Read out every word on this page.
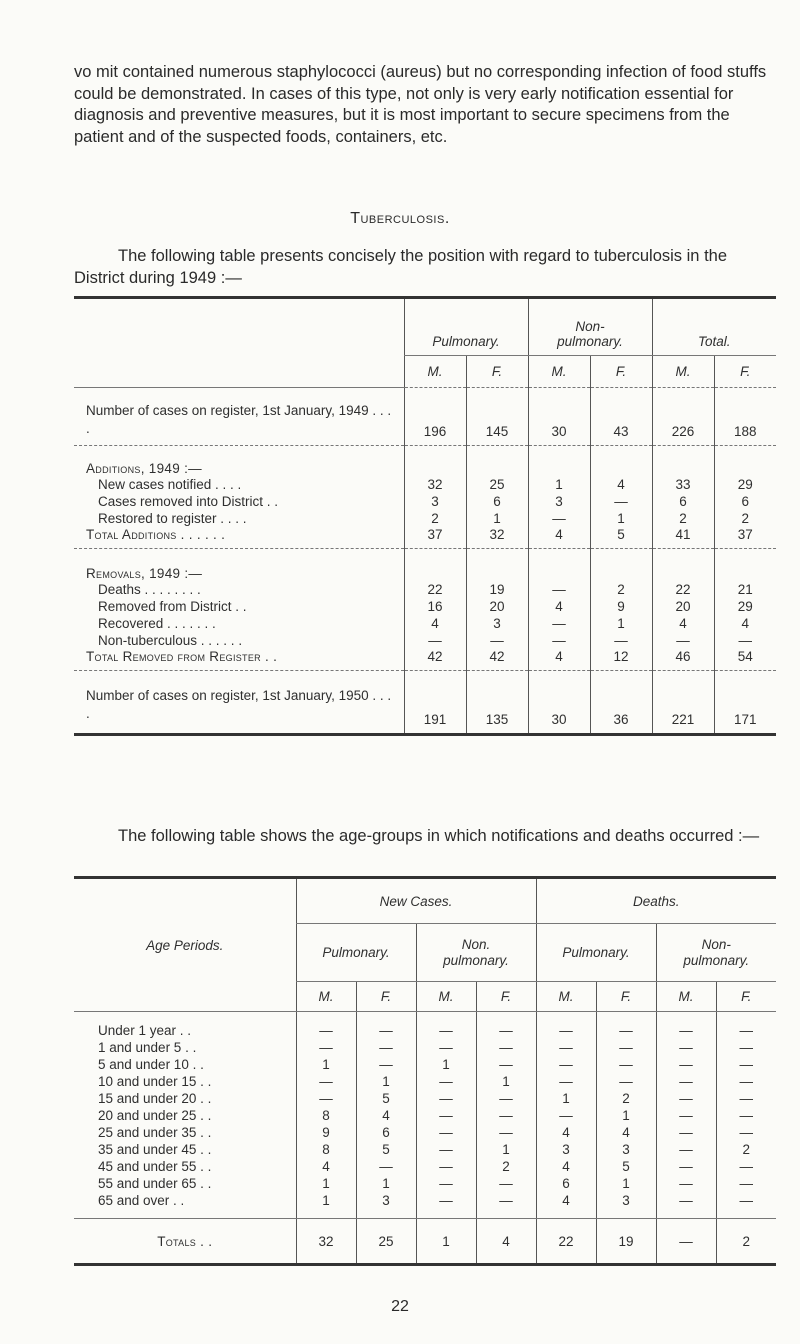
vo mit contained numerous staphylococci (aureus) but no corresponding infection of food stuffs could be demonstrated. In cases of this type, not only is very early notification essential for diagnosis and preventive measures, but it is most important to secure specimens from the patient and of the suspected foods, containers, etc.

Tuberculosis.

The following table presents concisely the position with regard to tuberculosis in the District during 1949 :—

	Pulmonary.		Non-pulmonary.		Total.	
	M.	F.	M.	F.	M.	F.
Number of cases on register, 1st January, 1949 . . . .	196	145	30	43	226	188
Additions, 1949 :—						
New cases notified . . . .	32	25	1	4	33	29
Cases removed into District . .	3	6	3	—	6	6
Restored to register . . . .	2	1	—	1	2	2
Total Additions . . . . . .	37	32	4	5	41	37
Removals, 1949 :—						
Deaths . . . . . . . .	22	19	—	2	22	21
Removed from District . .	16	20	4	9	20	29
Recovered . . . . . . .	4	3	—	1	4	4
Non-tuberculous . . . . . .	—	—	—	—	—	—
Total Removed from Register . .	42	42	4	12	46	54
Number of cases on register, 1st January, 1950 . . . .	191	135	30	36	221	171

The following table shows the age-groups in which notifications and deaths occurred :—

Age Periods.	New Cases.				Deaths.			
	Pulmonary.		Non. pulmonary.		Pulmonary.		Non-pulmonary.	
	M.	F.	M.	F.	M.	F.	M.	F.

Under 1 year . .	—	—	—	—	—	—	—	—
1 and under 5 . .	—	—	—	—	—	—	—	—
5 and under 10 . .	1	—	1	—	—	—	—	—
10 and under 15 . .	—	1	—	1	—	—	—	—
15 and under 20 . .	—	5	—	—	1	2	—	—
20 and under 25 . .	8	4	—	—	—	1	—	—
25 and under 35 . .	9	6	—	—	4	4	—	—
35 and under 45 . .	8	5	—	1	3	3	—	2
45 and under 55 . .	4	—	—	2	4	5	—	—
55 and under 65 . .	1	1	—	—	6	1	—	—
65 and over . .	1	3	—	—	4	3	—	—

Totals . .	32	25	1	4	22	19	—	2

22
